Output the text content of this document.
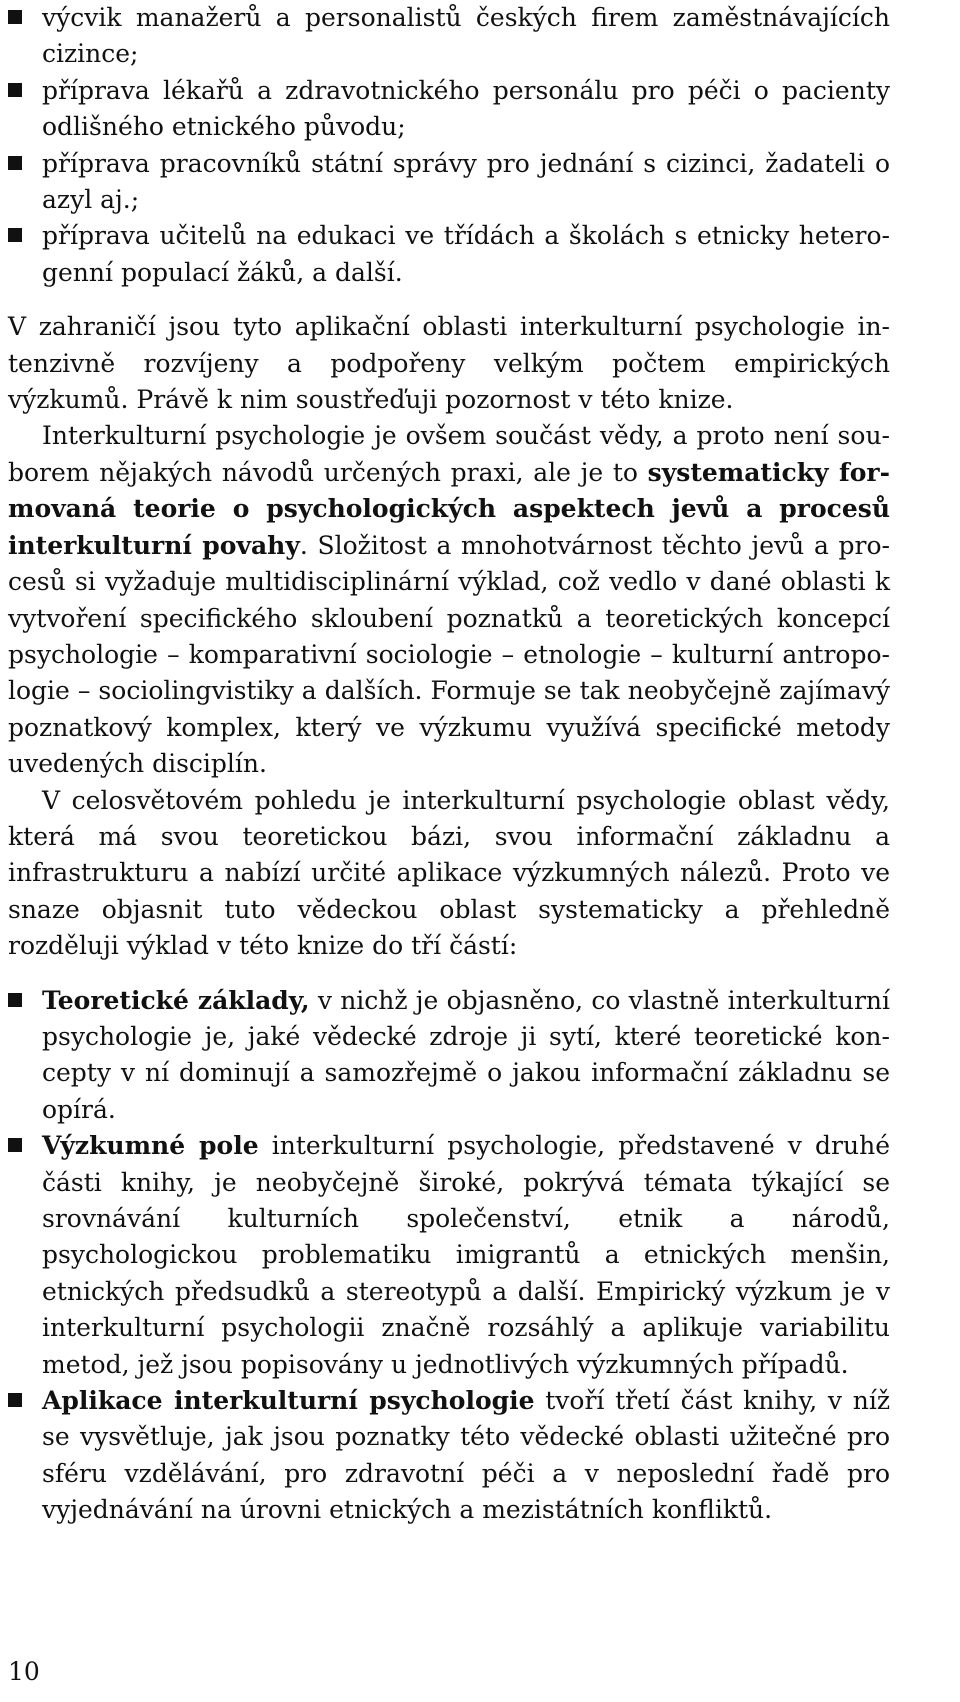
výcvik manažerů a personalistů českých firem zaměstnávajících cizince;
příprava lékařů a zdravotnického personálu pro péči o pacienty odlišného etnického původu;
příprava pracovníků státní správy pro jednání s cizinci, žadateli o azyl aj.;
příprava učitelů na edukaci ve třídách a školách s etnicky heterogenní populací žáků, a další.

V zahraničí jsou tyto aplikační oblasti interkulturní psychologie intenzivně rozvíjeny a podpořeny velkým počtem empirických výzkumů. Právě k nim soustřeďuji pozornost v této knize.

Interkulturní psychologie je ovšem součást vědy, a proto není souborem nějakých návodů určených praxi, ale je to systematicky formovaná teorie o psychologických aspektech jevů a procesů interkulturní povahy. Složitost a mnohotvárnost těchto jevů a procesů si vyžaduje multidisciplinární výklad, což vedlo v dané oblasti k vytvoření specifického skloubení poznatků a teoretických koncepcí psychologie – komparativní sociologie – etnologie – kulturní antropologie – sociolingvistiky a dalších. Formuje se tak neobyčejně zajímavý poznatkový komplex, který ve výzkumu využívá specifické metody uvedených disciplín.

V celosvětovém pohledu je interkulturní psychologie oblast vědy, která má svou teoretickou bázi, svou informační základnu a infrastrukturu a nabízí určité aplikace výzkumných nálezů. Proto ve snaze objasnit tuto vědeckou oblast systematicky a přehledně rozděluji výklad v této knize do tří částí:

Teoretické základy, v nichž je objasněno, co vlastně interkulturní psychologie je, jaké vědecké zdroje ji sytí, které teoretické koncepty v ní dominují a samozřejmě o jakou informační základnu se opírá.
Výzkumné pole interkulturní psychologie, představené v druhé části knihy, je neobyčejně široké, pokrývá témata týkající se srovnávání kulturních společenství, etnik a národů, psychologickou problematiku imigrantů a etnických menšin, etnických předsudků a stereotypů a další. Empirický výzkum je v interkulturní psychologii značně rozsáhlý a aplikuje variabilitu metod, jež jsou popisovány u jednotlivých výzkumných případů.
Aplikace interkulturní psychologie tvoří třetí část knihy, v níž se vysvětluje, jak jsou poznatky této vědecké oblasti užitečné pro sféru vzdělávání, pro zdravotní péči a v neposlední řadě pro vyjednávání na úrovni etnických a mezistátních konfliktů.
10
